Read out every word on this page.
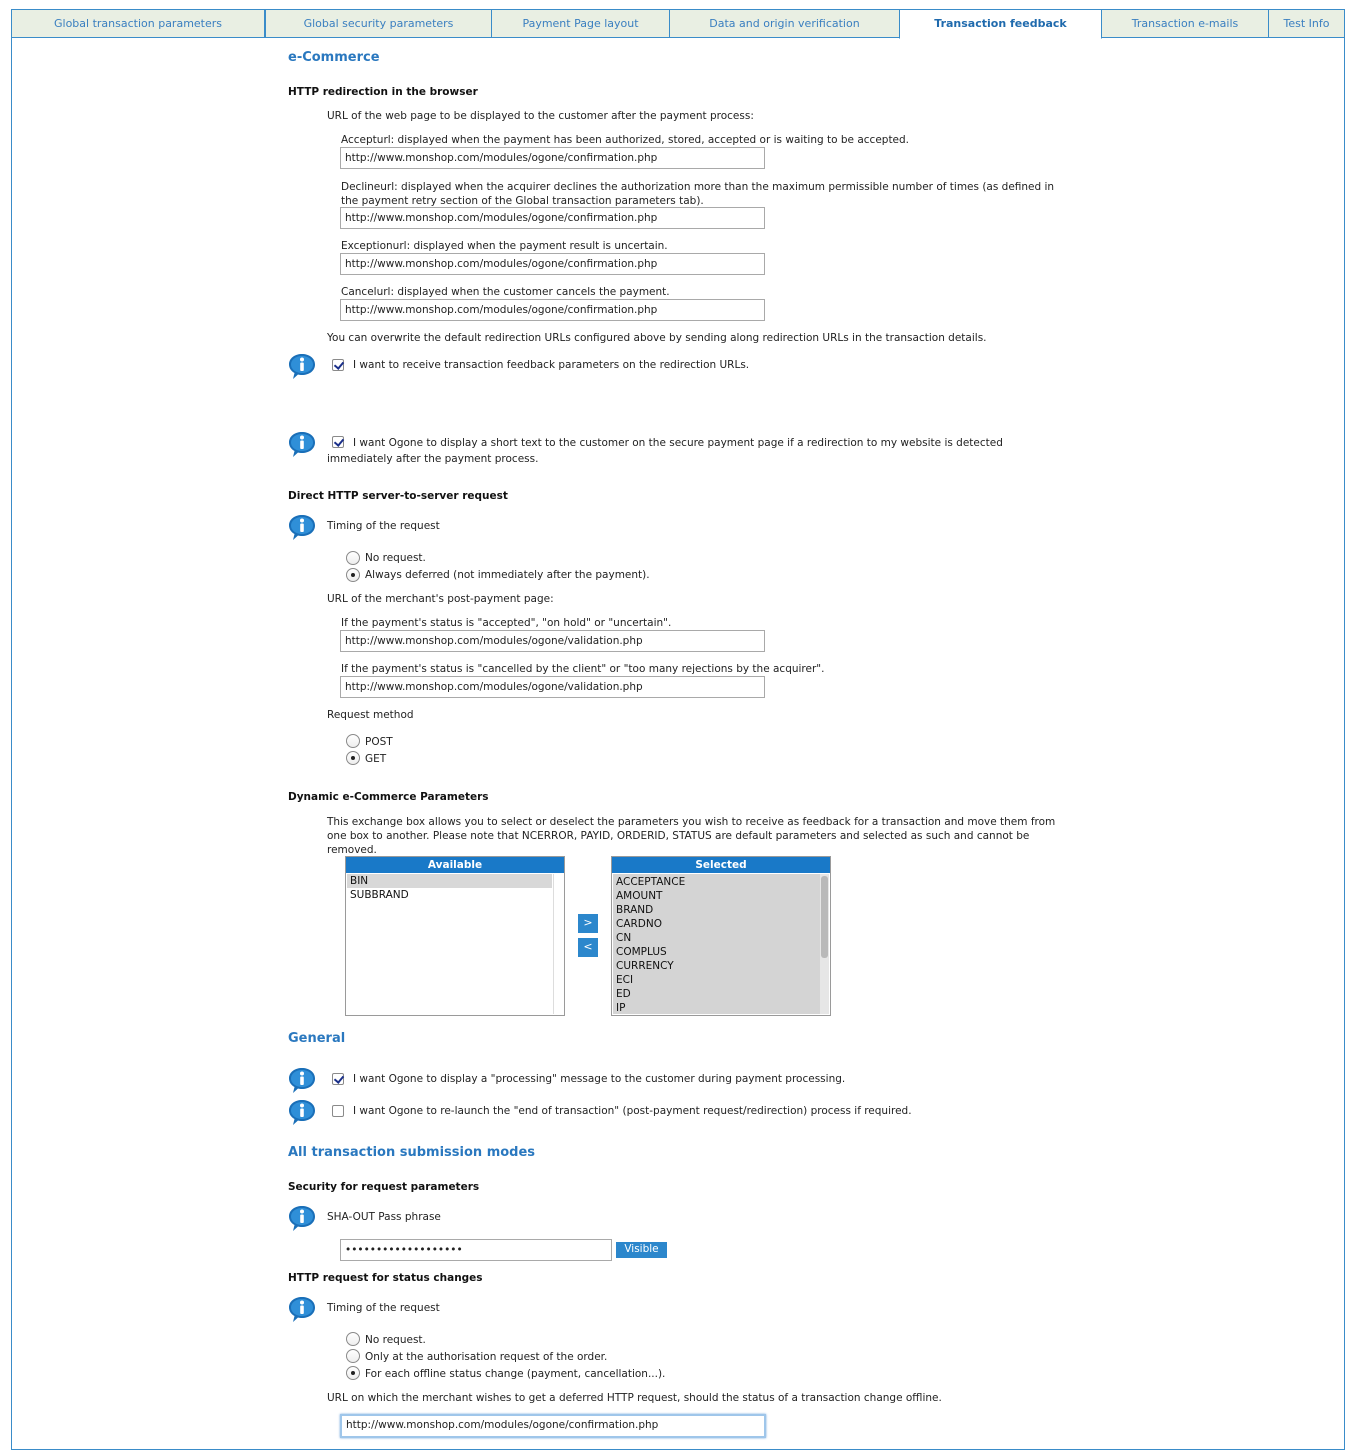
Global transaction parameters	Global security parameters	Payment Page layout	Data and origin verification	Transaction feedback	Transaction e-mails	Test Info
e-Commerce
HTTP redirection in the browser
URL of the web page to be displayed to the customer after the payment process:
Accepturl: displayed when the payment has been authorized, stored, accepted or is waiting to be accepted.
http://www.monshop.com/modules/ogone/confirmation.php
Declineurl: displayed when the acquirer declines the authorization more than the maximum permissible number of times (as defined in the payment retry section of the Global transaction parameters tab).
http://www.monshop.com/modules/ogone/confirmation.php
Exceptionurl: displayed when the payment result is uncertain.
http://www.monshop.com/modules/ogone/confirmation.php
Cancelurl: displayed when the customer cancels the payment.
http://www.monshop.com/modules/ogone/confirmation.php
You can overwrite the default redirection URLs configured above by sending along redirection URLs in the transaction details.
I want to receive transaction feedback parameters on the redirection URLs.
I want Ogone to display a short text to the customer on the secure payment page if a redirection to my website is detected immediately after the payment process.
Direct HTTP server-to-server request
Timing of the request
No request.
Always deferred (not immediately after the payment).
URL of the merchant's post-payment page:
If the payment's status is "accepted", "on hold" or "uncertain".
http://www.monshop.com/modules/ogone/validation.php
If the payment's status is "cancelled by the client" or "too many rejections by the acquirer".
http://www.monshop.com/modules/ogone/validation.php
Request method
POST
GET
Dynamic e-Commerce Parameters
This exchange box allows you to select or deselect the parameters you wish to receive as feedback for a transaction and move them from one box to another. Please note that NCERROR, PAYID, ORDERID, STATUS are default parameters and selected as such and cannot be removed.
Available
BIN
SUBBRAND
>
<
Selected
ACCEPTANCE
AMOUNT
BRAND
CARDNO
CN
COMPLUS
CURRENCY
ECI
ED
IP
General
I want Ogone to display a "processing" message to the customer during payment processing.
I want Ogone to re-launch the "end of transaction" (post-payment request/redirection) process if required.
All transaction submission modes
Security for request parameters
SHA-OUT Pass phrase
•••••••••••••••••••	Visible
HTTP request for status changes
Timing of the request
No request.
Only at the authorisation request of the order.
For each offline status change (payment, cancellation...).
URL on which the merchant wishes to get a deferred HTTP request, should the status of a transaction change offline.
http://www.monshop.com/modules/ogone/confirmation.php
